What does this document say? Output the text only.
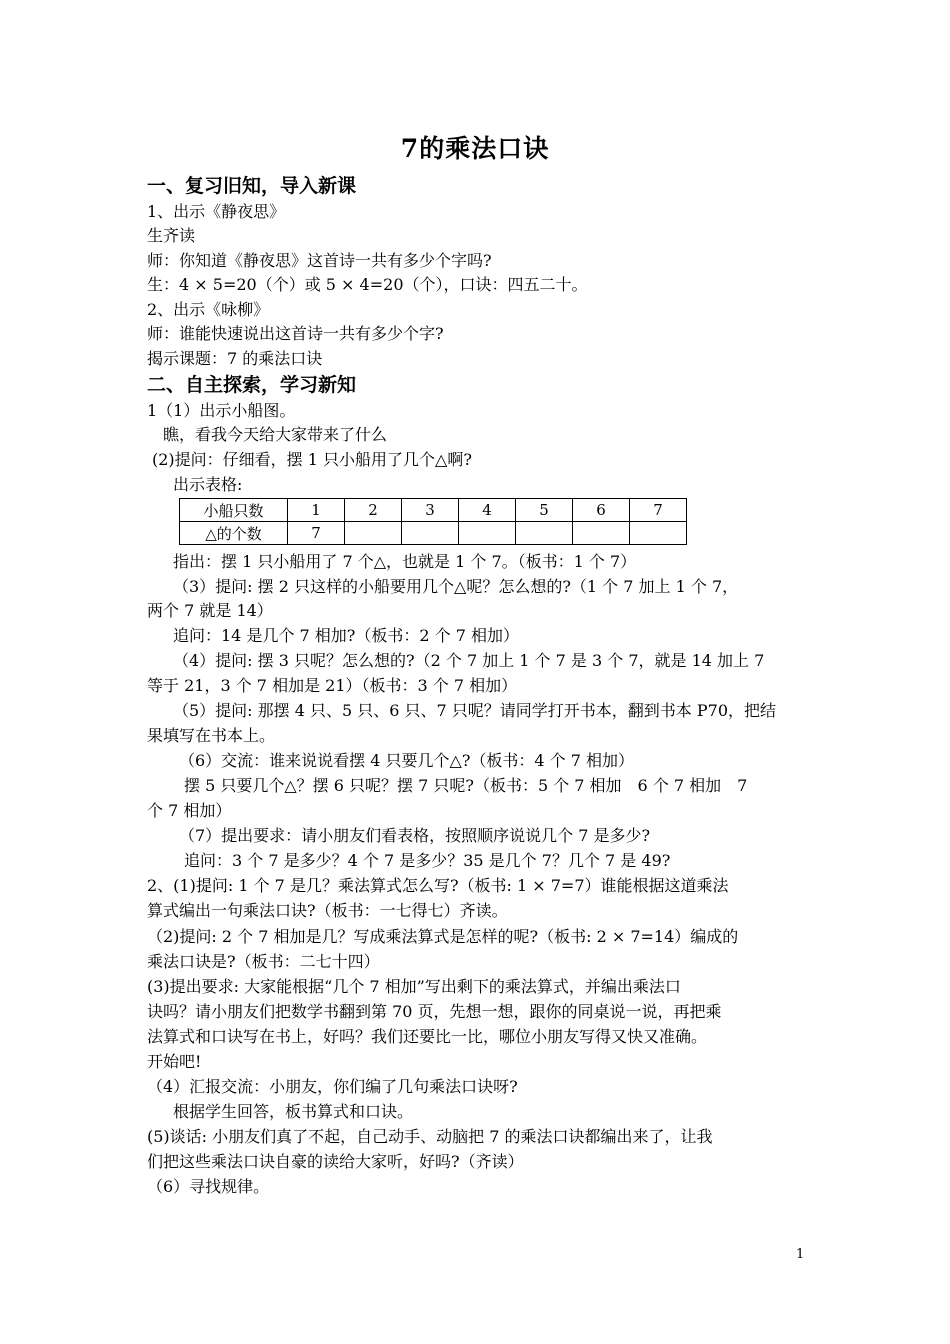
7的乘法口诀
一、复习旧知，导入新课
1、出示《静夜思》
生齐读
师：你知道《静夜思》这首诗一共有多少个字吗?
生：4 × 5=20（个）或 5 × 4=20（个），口诀：四五二十。
2、出示《咏柳》
师：谁能快速说出这首诗一共有多少个字?
揭示课题：7 的乘法口诀
二、自主探索，学习新知
1（1）出示小船图。
瞧，看我今天给大家带来了什么
(2)提问：仔细看，摆 1 只小船用了几个△啊?
出示表格:
小船只数	1	2	3	4	5	6	7
△的个数	7						
指出：摆 1 只小船用了 7 个△，也就是 1 个 7。（板书：1 个 7）
（3）提问: 摆 2 只这样的小船要用几个△呢？怎么想的?（1 个 7 加上 1 个 7，
两个 7 就是 14）
追问：14 是几个 7 相加?（板书：2 个 7 相加）
（4）提问: 摆 3 只呢？怎么想的?（2 个 7 加上 1 个 7 是 3 个 7，就是 14 加上 7
等于 21，3 个 7 相加是 21）（板书：3 个 7 相加）
（5）提问: 那摆 4 只、5 只、6 只、7 只呢？请同学打开书本，翻到书本 P70，把结
果填写在书本上。
（6）交流：谁来说说看摆 4 只要几个△?（板书：4 个 7 相加）
摆 5 只要几个△？摆 6 只呢？摆 7 只呢?（板书：5 个 7 相加　6 个 7 相加　7
个 7 相加）
（7）提出要求：请小朋友们看表格，按照顺序说说几个 7 是多少?
追问：3 个 7 是多少？4 个 7 是多少？35 是几个 7？几个 7 是 49?
2、(1)提问: 1 个 7 是几？乘法算式怎么写?（板书: 1 × 7=7）谁能根据这道乘法
算式编出一句乘法口诀?（板书：一七得七）齐读。
（2)提问: 2 个 7 相加是几？写成乘法算式是怎样的呢?（板书: 2 × 7=14）编成的
乘法口诀是?（板书：二七十四）
(3)提出要求: 大家能根据“几个 7 相加”写出剩下的乘法算式，并编出乘法口
诀吗？请小朋友们把数学书翻到第 70 页，先想一想，跟你的同桌说一说，再把乘
法算式和口诀写在书上，好吗？我们还要比一比，哪位小朋友写得又快又准确。
开始吧!
（4）汇报交流：小朋友，你们编了几句乘法口诀呀?
根据学生回答，板书算式和口诀。
(5)谈话: 小朋友们真了不起，自己动手、动脑把 7 的乘法口诀都编出来了，让我
们把这些乘法口诀自豪的读给大家听，好吗?（齐读）
（6）寻找规律。
1
